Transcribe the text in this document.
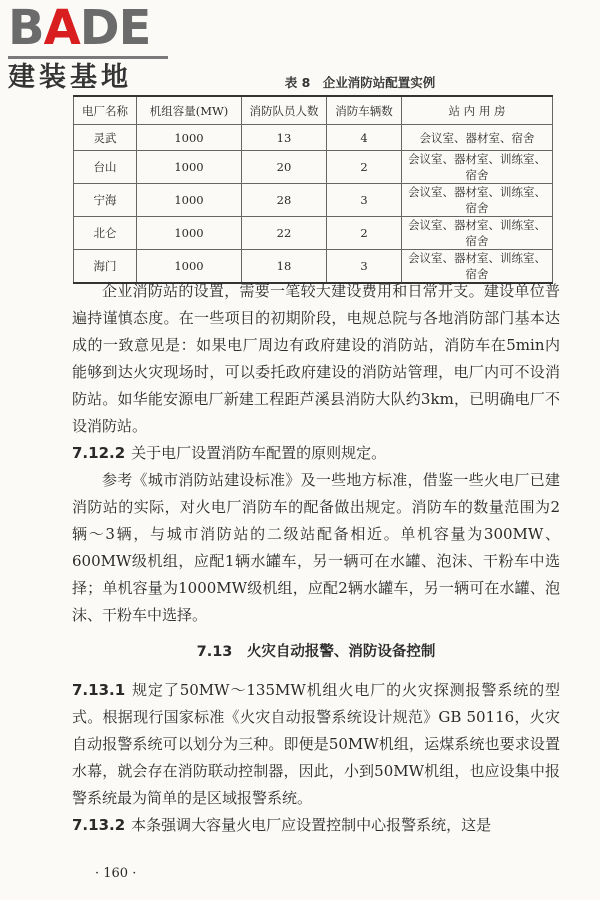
BADE
建装基地	表 8　企业消防站配置实例
电厂名称	机组容量(MW)	消防队员人数	消防车辆数	站 内 用 房
灵武	1000	13	4	会议室、器材室、宿舍
台山	1000	20	2	会议室、器材室、训练室、宿舍
宁海	1000	28	3	会议室、器材室、训练室、宿舍
北仑	1000	22	2	会议室、器材室、训练室、宿舍
海门	1000	18	3	会议室、器材室、训练室、宿舍

企业消防站的设置，需要一笔较大建设费用和日常开支。建设单位普遍持谨慎态度。在一些项目的初期阶段，电规总院与各地消防部门基本达成的一致意见是：如果电厂周边有政府建设的消防站，消防车在5min内能够到达火灾现场时，可以委托政府建设的消防站管理，电厂内可不设消防站。如华能安源电厂新建工程距芦溪县消防大队约3km，已明确电厂不设消防站。

7.12.2 关于电厂设置消防车配置的原则规定。

参考《城市消防站建设标准》及一些地方标准，借鉴一些火电厂已建消防站的实际，对火电厂消防车的配备做出规定。消防车的数量范围为2辆～3辆，与城市消防站的二级站配备相近。单机容量为300MW、600MW级机组，应配1辆水罐车，另一辆可在水罐、泡沫、干粉车中选择；单机容量为1000MW级机组，应配2辆水罐车，另一辆可在水罐、泡沫、干粉车中选择。

7.13　火灾自动报警、消防设备控制

7.13.1 规定了50MW～135MW机组火电厂的火灾探测报警系统的型式。根据现行国家标准《火灾自动报警系统设计规范》GB 50116，火灾自动报警系统可以划分为三种。即便是50MW机组，运煤系统也要求设置水幕，就会存在消防联动控制器，因此，小到50MW机组，也应设集中报警系统最为简单的是区域报警系统。

7.13.2 本条强调大容量火电厂应设置控制中心报警系统，这是

· 160 ·
